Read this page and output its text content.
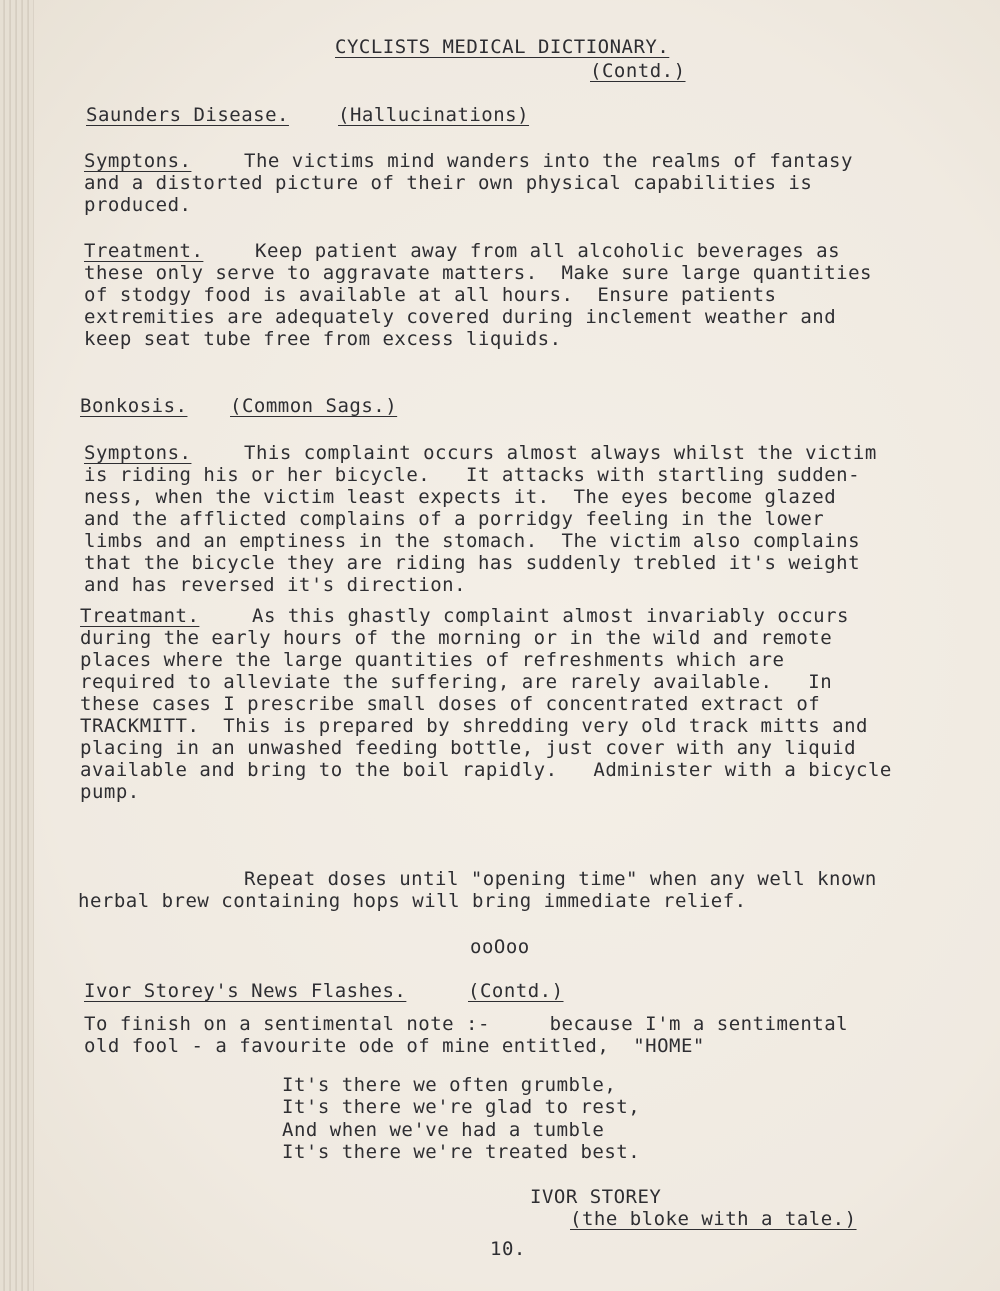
CYCLISTS MEDICAL DICTIONARY.
(Contd.)
Saunders Disease.	(Hallucinations)
Symptons.	The victims mind wanders into the realms of fantasy
and a distorted picture of their own physical capabilities is
produced.
Treatment.	Keep patient away from all alcoholic beverages as
these only serve to aggravate matters.  Make sure large quantities
of stodgy food is available at all hours.  Ensure patients
extremities are adequately covered during inclement weather and
keep seat tube free from excess liquids.
Bonkosis. (Common Sags.)
Symptons.	This complaint occurs almost always whilst the victim
is riding his or her bicycle.   It attacks with startling sudden-
ness, when the victim least expects it.  The eyes become glazed
and the afflicted complains of a porridgy feeling in the lower
limbs and an emptiness in the stomach.  The victim also complains
that the bicycle they are riding has suddenly trebled it's weight
and has reversed it's direction.
Treatmant.	As this ghastly complaint almost invariably occurs
during the early hours of the morning or in the wild and remote
places where the large quantities of refreshments which are
required to alleviate the suffering, are rarely available.   In
these cases I prescribe small doses of concentrated extract of
TRACKMITT.  This is prepared by shredding very old track mitts and
placing in an unwashed feeding bottle, just cover with any liquid
available and bring to the boil rapidly.   Administer with a bicycle
pump.
Repeat doses until "opening time" when any well known
herbal brew containing hops will bring immediate relief.
ooOoo
Ivor Storey's News Flashes.	(Contd.)
To finish on a sentimental note :-     because I'm a sentimental
old fool - a favourite ode of mine entitled,  "HOME"
It's there we often grumble,
It's there we're glad to rest,
And when we've had a tumble
It's there we're treated best.
IVOR STOREY
(the bloke with a tale.)
10.
